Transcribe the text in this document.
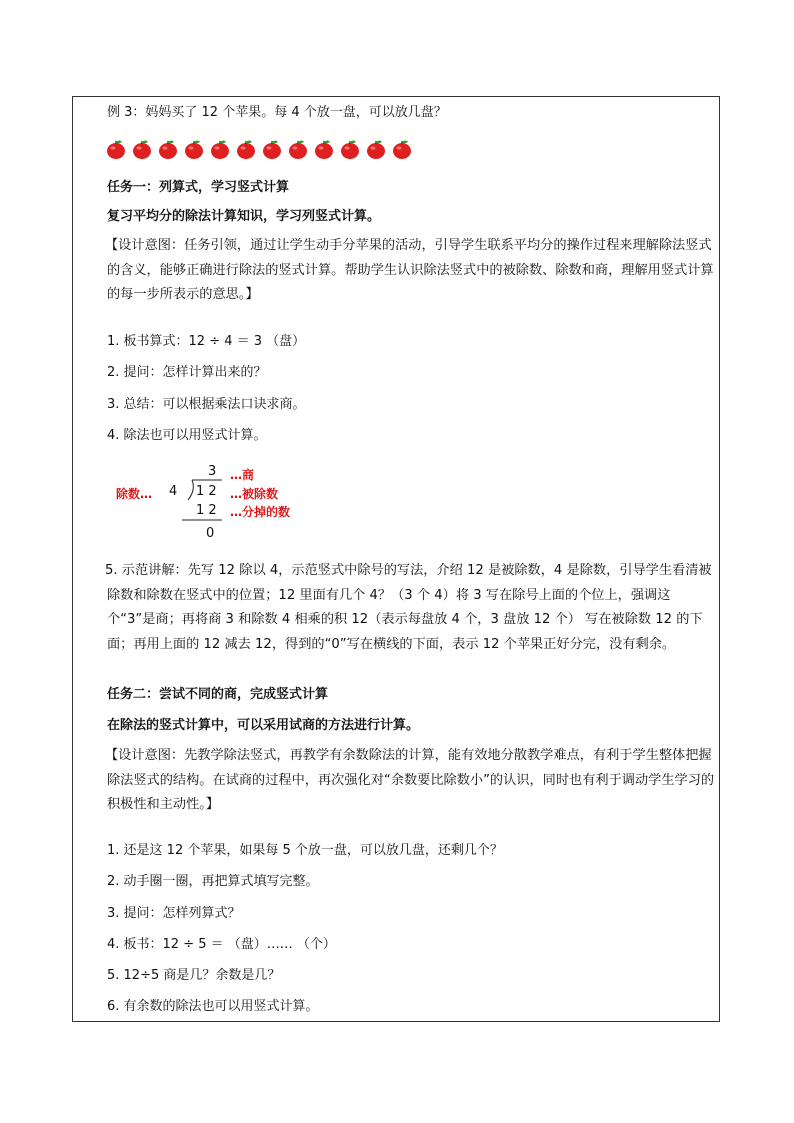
例 3：妈妈买了 12 个苹果。每 4 个放一盘，可以放几盘？
任务一：列算式，学习竖式计算
复习平均分的除法计算知识，学习列竖式计算。
【设计意图：任务引领，通过让学生动手分苹果的活动，引导学生联系平均分的操作过程来理解除法竖式的含义，能够正确进行除法的竖式计算。帮助学生认识除法竖式中的被除数、除数和商，理解用竖式计算的每一步所表示的意思。】
1. 板书算式：12 ÷ 4 ＝ 3 （盘）
2. 提问：怎样计算出来的？
3. 总结：可以根据乘法口诀求商。
4. 除法也可以用竖式计算。
除数… 4
3
1 2
1 2
0
…商
…被除数
…分掉的数
5. 示范讲解：先写 12 除以 4，示范竖式中除号的写法，介绍 12 是被除数，4 是除数，引导学生看清被除数和除数在竖式中的位置；12 里面有几个 4？（3 个 4）将 3 写在除号上面的个位上，强调这个“3”是商；再将商 3 和除数 4 相乘的积 12（表示每盘放 4 个，3 盘放 12 个） 写在被除数 12 的下面；再用上面的 12 减去 12，得到的“0”写在横线的下面，表示 12 个苹果正好分完，没有剩余。
任务二：尝试不同的商，完成竖式计算
在除法的竖式计算中，可以采用试商的方法进行计算。
【设计意图：先教学除法竖式，再教学有余数除法的计算，能有效地分散教学难点，有利于学生整体把握除法竖式的结构。在试商的过程中，再次强化对“余数要比除数小”的认识，同时也有利于调动学生学习的积极性和主动性。】
1. 还是这 12 个苹果，如果每 5 个放一盘，可以放几盘，还剩几个？
2. 动手圈一圈，再把算式填写完整。
3. 提问：怎样列算式？
4. 板书：12 ÷ 5 ＝ （盘）…… （个）
5. 12÷5 商是几？余数是几？
6. 有余数的除法也可以用竖式计算。
